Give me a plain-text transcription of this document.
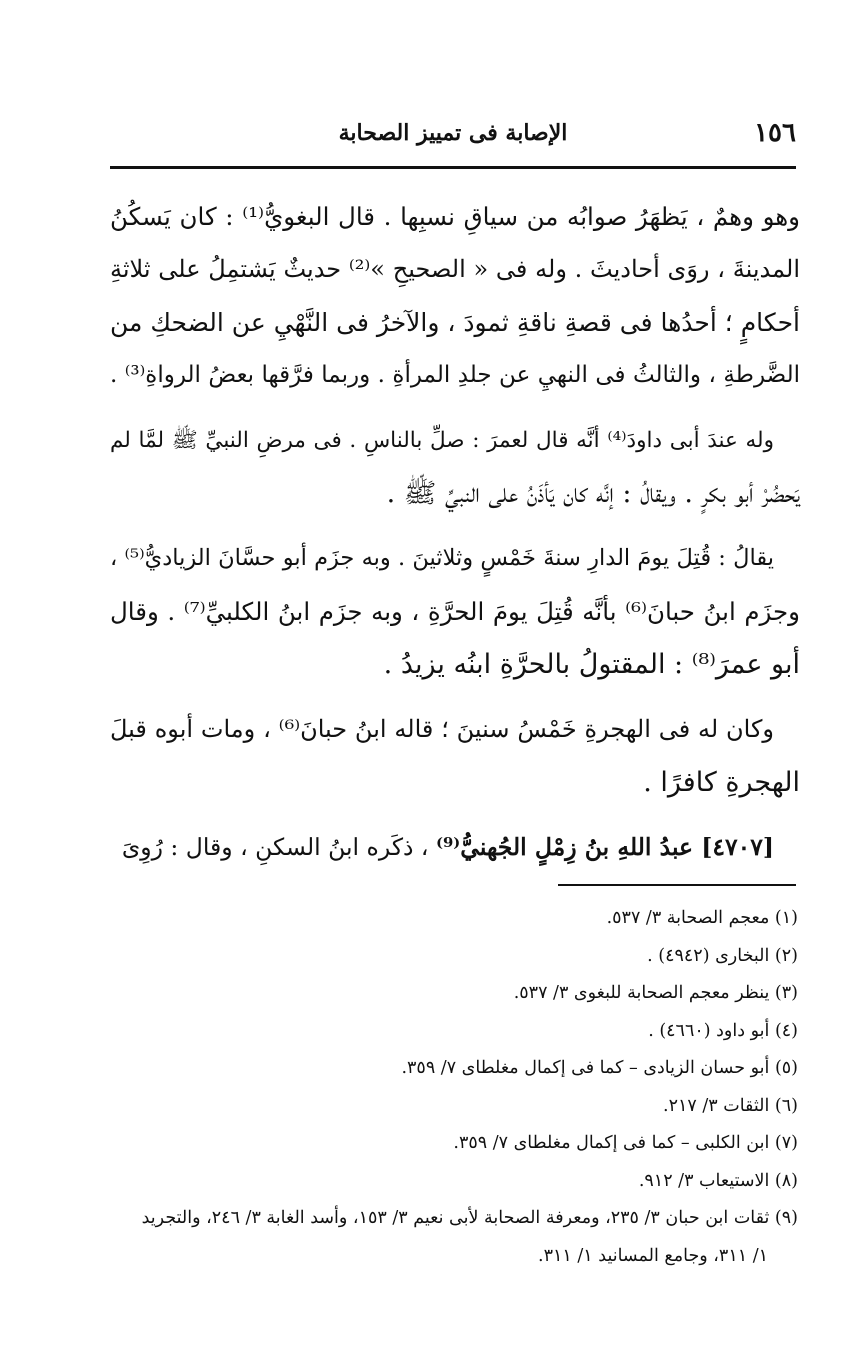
١٥٦
الإصابة فى تمييز الصحابة
وهو وهمٌ ، يَظهَرُ صوابُه من سياقِ نسبِها . قال البغويُّ⁽¹⁾ : كان يَسكُنُ
المدينةَ ، روَى أحاديثَ . وله فى « الصحيحِ »⁽²⁾ حديثٌ يَشتمِلُ على ثلاثةِ
أحكامٍ ؛ أحدُها فى قصةِ ناقةِ ثمودَ ، والآخرُ فى النَّهْيِ عن الضحكِ من
الضَّرطةِ ، والثالثُ فى النهيِ عن جلدِ المرأةِ . وربما فرَّقها بعضُ الرواةِ⁽³⁾ .
وله عندَ أبى داودَ⁽⁴⁾ أنَّه قال لعمرَ : صلِّ بالناسِ . فى مرضِ النبيِّ ﷺ لمَّا لم
يَحضُرْ أبو بكرٍ . ويقالُ : إنَّه كان يَأذَنُ على النبيِّ ﷺ .
يقالُ : قُتِلَ يومَ الدارِ سنةَ خَمْسٍ وثلاثينَ . وبه جزَم أبو حسَّانَ الزياديُّ⁽⁵⁾ ،
وجزَم ابنُ حبانَ⁽⁶⁾ بأنَّه قُتِلَ يومَ الحرَّةِ ، وبه جزَم ابنُ الكلبيِّ⁽⁷⁾ . وقال
أبو عمرَ⁽⁸⁾ : المقتولُ بالحرَّةِ ابنُه يزيدُ .
وكان له فى الهجرةِ خَمْسُ سنينَ ؛ قاله ابنُ حبانَ⁽⁶⁾ ، ومات أبوه قبلَ
الهجرةِ كافرًا .
[٤٧٠٧] عبدُ اللهِ بنُ زِمْلٍ الجُهنيُّ⁽⁹⁾ ، ذكَره ابنُ السكنِ ، وقال : رُوِىَ
(١) معجم الصحابة ٣/ ٥٣٧.
(٢) البخارى (٤٩٤٢) .
(٣) ينظر معجم الصحابة للبغوى ٣/ ٥٣٧.
(٤) أبو داود (٤٦٦٠) .
(٥) أبو حسان الزيادى – كما فى إكمال مغلطاى ٧/ ٣٥٩.
(٦) الثقات ٣/ ٢١٧.
(٧) ابن الكلبى – كما فى إكمال مغلطاى ٧/ ٣٥٩.
(٨) الاستيعاب ٣/ ٩١٢.
(٩) ثقات ابن حبان ٣/ ٢٣٥، ومعرفة الصحابة لأبى نعيم ٣/ ١٥٣، وأسد الغابة ٣/ ٢٤٦، والتجريد
١/ ٣١١، وجامع المسانيد ١/ ٣١١.
